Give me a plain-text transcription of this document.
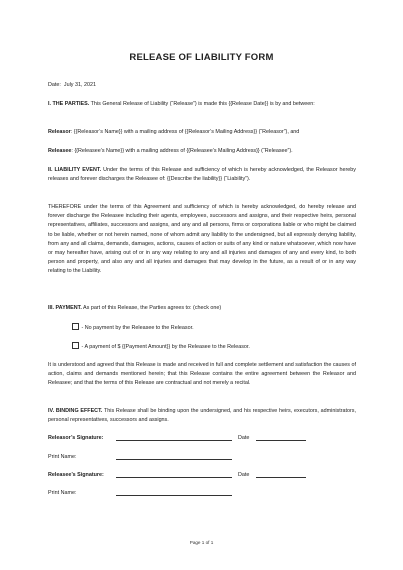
RELEASE OF LIABILITY FORM
Date: July 31, 2021
I. THE PARTIES. This General Release of Liability (“Release”) is made this {{Release Date}} is by and between:
Releasor: {{Releasor’s Name}} with a mailing address of {{Releasor’s Mailing Address}} (“Releasor”), and
Releasee: {{Releasee’s Name}} with a mailing address of {{Releasee’s Mailing Address}} (“Releasee”).
II. LIABILITY EVENT. Under the terms of this Release and sufficiency of which is hereby acknowledged, the Releasor hereby releases and forever discharges the Releasee of: {{Describe the liability}} (“Liability”).
THEREFORE under the terms of this Agreement and sufficiency of which is hereby acknowledged, do hereby release and forever discharge the Releasee including their agents, employees, successors and assigns, and their respective heirs, personal representatives, affiliates, successors and assigns, and any and all persons, firms or corporations liable or who might be claimed to be liable, whether or not herein named, none of whom admit any liability to the undersigned, but all expressly denying liability, from any and all claims, demands, damages, actions, causes of action or suits of any kind or nature whatsoever, which now have or may hereafter have, arising out of or in any way relating to any and all injuries and damages of any and every kind, to both person and property, and also any and all injuries and damages that may develop in the future, as a result of or in any way relating to the Liability.
III. PAYMENT. As part of this Release, the Parties agrees to: (check one)
- No payment by the Releasee to the Releasor.
- A payment of $ {{Payment Amount}} by the Releasee to the Releasor.
It is understood and agreed that this Release is made and received in full and complete settlement and satisfaction the causes of action, claims and demands mentioned herein; that this Release contains the entire agreement between the Releasor and Releasee; and that the terms of this Release are contractual and not merely a recital.
IV. BINDING EFFECT. This Release shall be binding upon the undersigned, and his respective heirs, executors, administrators, personal representatives, successors and assigns.
Releasor’s Signature:	Date
Print Name:
Releasee’s Signature:	Date
Print Name:
Page 1 of 1
